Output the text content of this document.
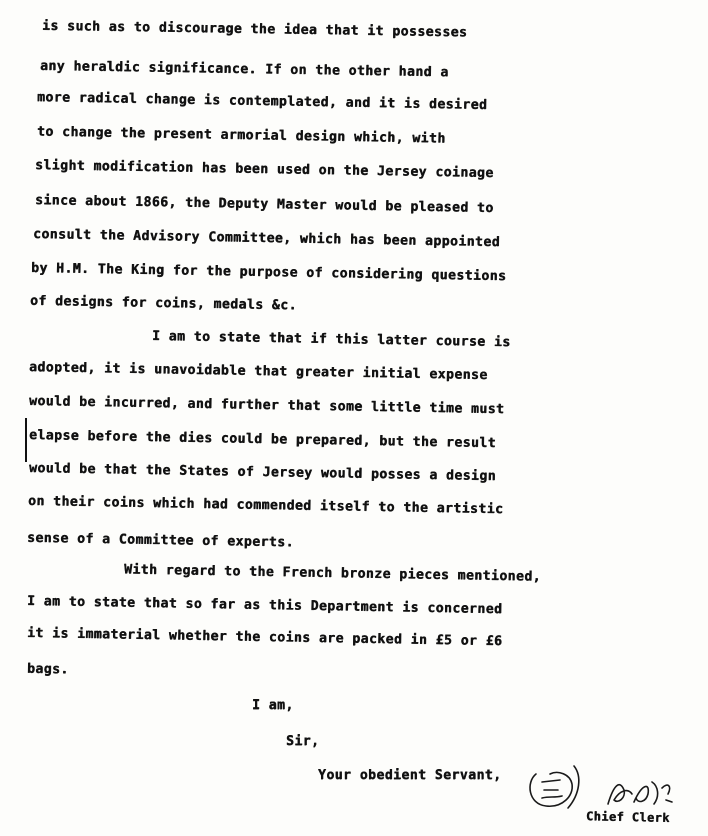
is such as to discourage the idea that it possesses
any heraldic significance. If on the other hand a
more radical change is contemplated, and it is desired
to change the present armorial design which, with
slight modification has been used on the Jersey coinage
since about 1866, the Deputy Master would be pleased to
consult the Advisory Committee, which has been appointed
by H.M. The King for the purpose of considering questions
of designs for coins, medals &c.
I am to state that if this latter course is
adopted, it is unavoidable that greater initial expense
would be incurred, and further that some little time must
elapse before the dies could be prepared, but the result
would be that the States of Jersey would posses a design
on their coins which had commended itself to the artistic
sense of a Committee of experts.
With regard to the French bronze pieces mentioned,
I am to state that so far as this Department is concerned
it is immaterial whether the coins are packed in £5 or £6
bags.
I am,
Sir,
Your obedient Servant,
Chief Clerk
